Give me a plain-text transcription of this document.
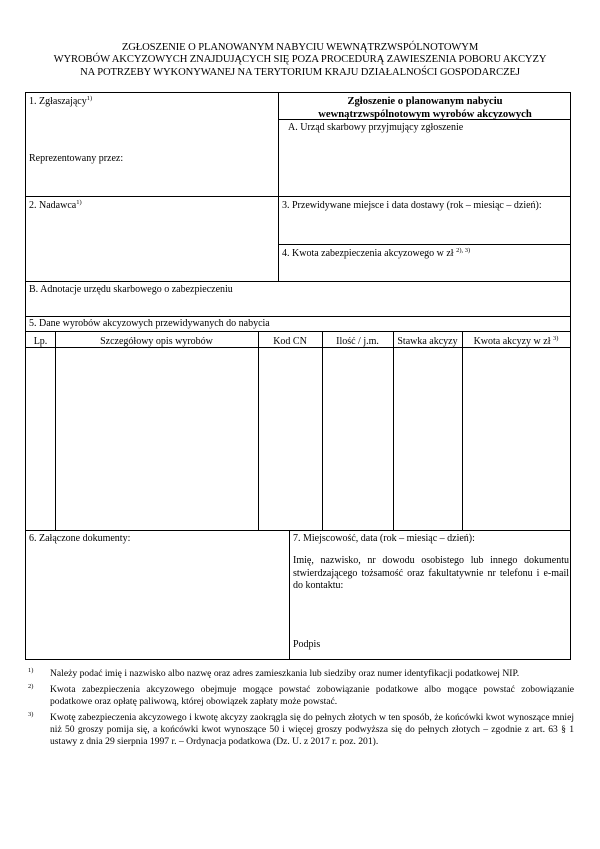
ZGŁOSZENIE O PLANOWANYM NABYCIU WEWNĄTRZWSPÓLNOTOWYM
WYROBÓW AKCYZOWYCH ZNAJDUJĄCYCH SIĘ POZA PROCEDURĄ ZAWIESZENIA POBORU AKCYZY
NA POTRZEBY WYKONYWANEJ NA TERYTORIUM KRAJU DZIAŁALNOŚCI GOSPODARCZEJ
1. Zgłaszający$^{1)}$
Reprezentowany przez:
Zgłoszenie o planowanym nabyciu
wewnątrzwspólnotowym wyrobów akcyzowych
A. Urząd skarbowy przyjmujący zgłoszenie
2. Nadawca$^{1)}$	3. Przewidywane miejsce i data dostawy (rok – miesiąc – dzień):
4. Kwota zabezpieczenia akcyzowego w zł $^{2), 3)}$
B. Adnotacje urzędu skarbowego o zabezpieczeniu
5. Dane wyrobów akcyzowych przewidywanych do nabycia
Lp.	Szczegółowy opis wyrobów	Kod CN	Ilość / j.m.	Stawka akcyzy	Kwota akcyzy w zł $^{3)}$
6. Załączone dokumenty:	7. Miejscowość, data (rok – miesiąc – dzień):
Imię, nazwisko, nr dowodu osobistego lub innego dokumentu stwierdzającego tożsamość oraz fakultatywnie nr telefonu i e-mail do kontaktu:
Podpis
1) Należy podać imię i nazwisko albo nazwę oraz adres zamieszkania lub siedziby oraz numer identyfikacji podatkowej NIP.
2) Kwota zabezpieczenia akcyzowego obejmuje mogące powstać zobowiązanie podatkowe albo mogące powstać zobowiązanie podatkowe oraz opłatę paliwową, której obowiązek zapłaty może powstać.
3) Kwotę zabezpieczenia akcyzowego i kwotę akcyzy zaokrągla się do pełnych złotych w ten sposób, że końcówki kwot wynoszące mniej niż 50 groszy pomija się, a końcówki kwot wynoszące 50 i więcej groszy podwyższa się do pełnych złotych – zgodnie z art. 63 § 1 ustawy z dnia 29 sierpnia 1997 r. – Ordynacja podatkowa (Dz. U. z 2017 r. poz. 201).
